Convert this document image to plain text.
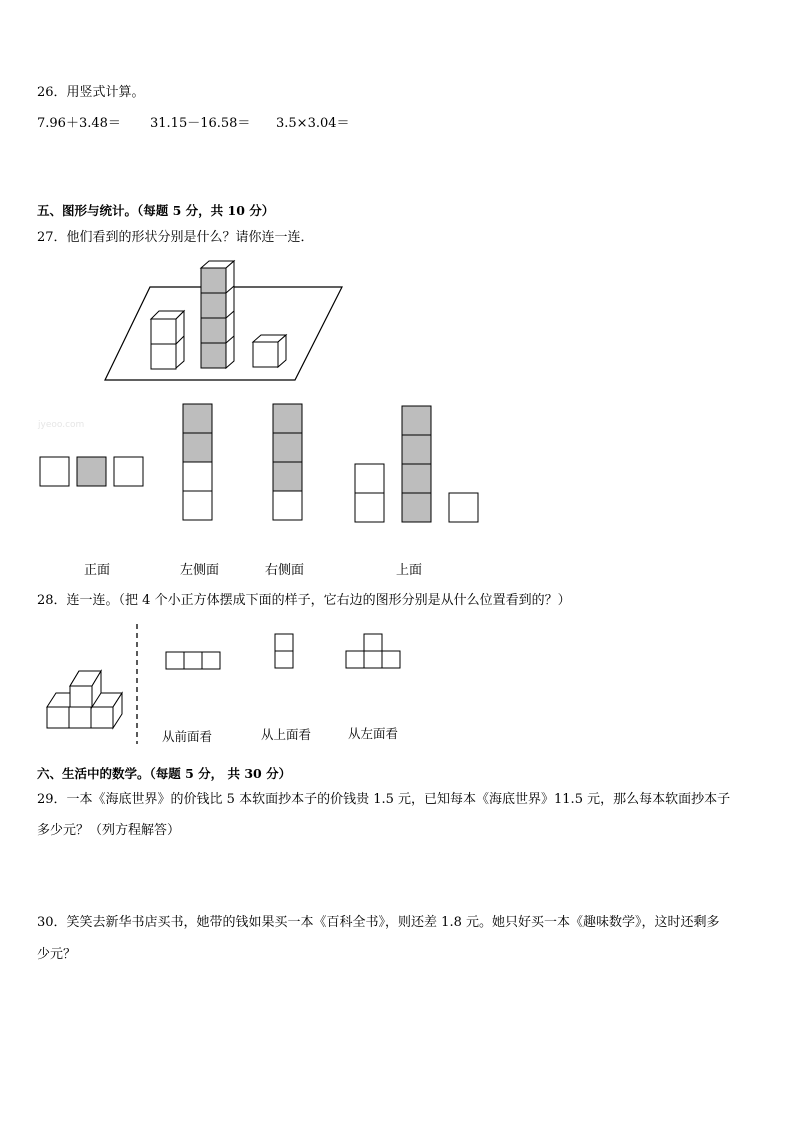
26．用竖式计算。
7.96＋3.48＝ 31.15－16.58＝ 3.5×3.04＝
五、图形与统计。（每题 5 分，共 10 分）
27．他们看到的形状分别是什么？请你连一连．
jyeoo.com
正面	左侧面	右侧面	上面
28．连一连。（把 4 个小正方体摆成下面的样子，它右边的图形分别是从什么位置看到的？）
从前面看	从上面看	从左面看
六、生活中的数学。（每题 5 分， 共 30 分）
29．一本《海底世界》的价钱比 5 本软面抄本子的价钱贵 1.5 元，已知每本《海底世界》11.5 元，那么每本软面抄本子
多少元？（列方程解答）
30．笑笑去新华书店买书，她带的钱如果买一本《百科全书》，则还差 1.8 元。她只好买一本《趣味数学》，这时还剩多
少元？
